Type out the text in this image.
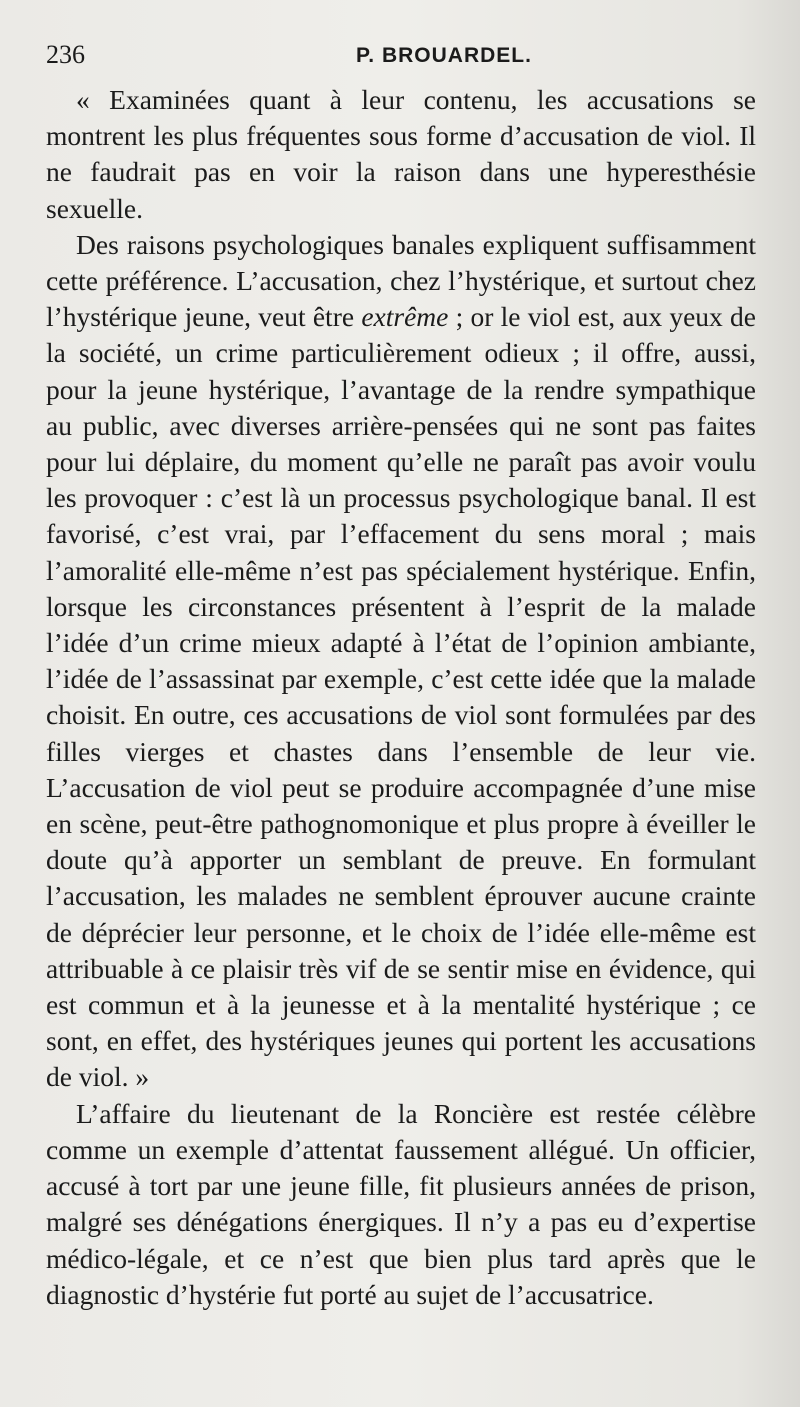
236	P. BROUARDEL.

« Examinées quant à leur contenu, les accusations se montrent les plus fréquentes sous forme d’accusation de viol. Il ne faudrait pas en voir la raison dans une hyperesthésie sexuelle.

Des raisons psychologiques banales expliquent suffisamment cette préférence. L’accusation, chez l’hystérique, et surtout chez l’hystérique jeune, veut être extrême ; or le viol est, aux yeux de la société, un crime particulièrement odieux ; il offre, aussi, pour la jeune hystérique, l’avantage de la rendre sympathique au public, avec diverses arrière-pensées qui ne sont pas faites pour lui déplaire, du moment qu’elle ne paraît pas avoir voulu les provoquer : c’est là un processus psychologique banal. Il est favorisé, c’est vrai, par l’effacement du sens moral ; mais l’amoralité elle-même n’est pas spécialement hystérique. Enfin, lorsque les circonstances présentent à l’esprit de la malade l’idée d’un crime mieux adapté à l’état de l’opinion ambiante, l’idée de l’assassinat par exemple, c’est cette idée que la malade choisit. En outre, ces accusations de viol sont formulées par des filles vierges et chastes dans l’ensemble de leur vie. L’accusation de viol peut se produire accompagnée d’une mise en scène, peut-être pathognomonique et plus propre à éveiller le doute qu’à apporter un semblant de preuve. En formulant l’accusation, les malades ne semblent éprouver aucune crainte de déprécier leur personne, et le choix de l’idée elle-même est attribuable à ce plaisir très vif de se sentir mise en évidence, qui est commun et à la jeunesse et à la mentalité hystérique ; ce sont, en effet, des hystériques jeunes qui portent les accusations de viol. »

L’affaire du lieutenant de la Roncière est restée célèbre comme un exemple d’attentat faussement allégué. Un officier, accusé à tort par une jeune fille, fit plusieurs années de prison, malgré ses dénégations énergiques. Il n’y a pas eu d’expertise médico-légale, et ce n’est que bien plus tard après que le diagnostic d’hystérie fut porté au sujet de l’accusatrice.
